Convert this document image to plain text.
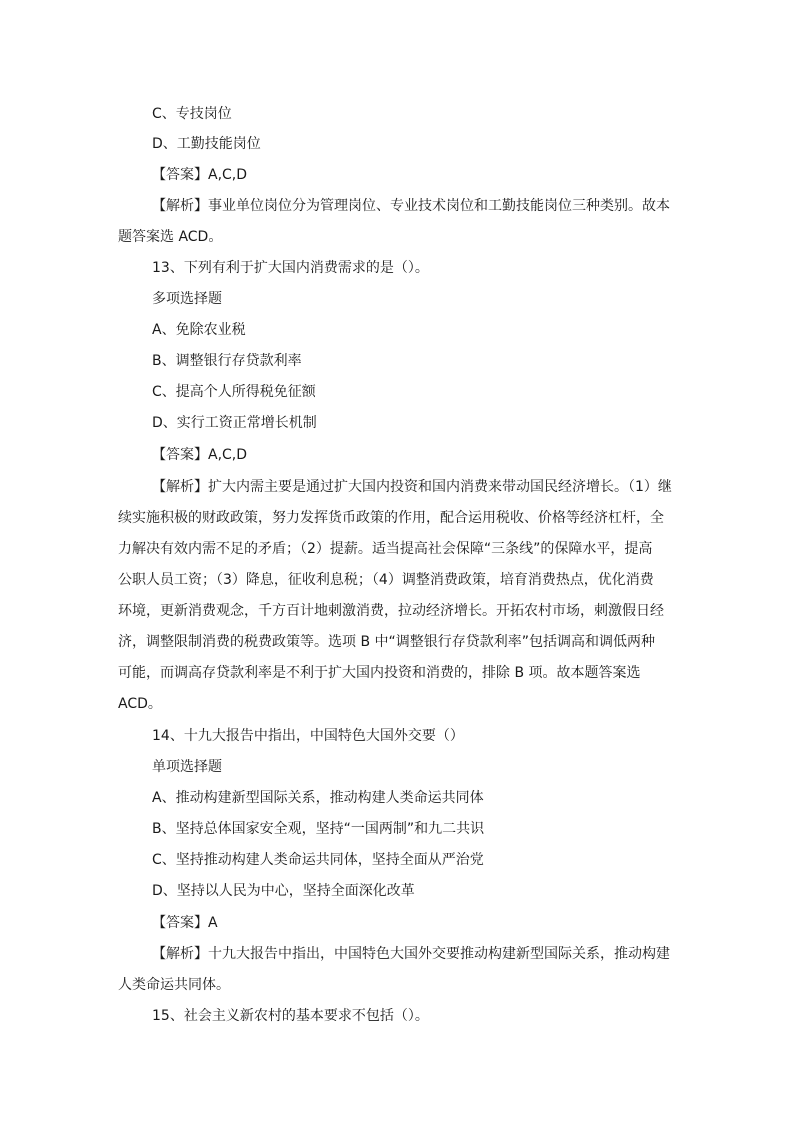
C、专技岗位
D、工勤技能岗位
【答案】A,C,D
【解析】事业单位岗位分为管理岗位、专业技术岗位和工勤技能岗位三种类别。故本
题答案选 ACD。
13、下列有利于扩大国内消费需求的是（）。
多项选择题
A、免除农业税
B、调整银行存贷款利率
C、提高个人所得税免征额
D、实行工资正常增长机制
【答案】A,C,D
【解析】扩大内需主要是通过扩大国内投资和国内消费来带动国民经济增长。（1）继
续实施积极的财政政策，努力发挥货币政策的作用，配合运用税收、价格等经济杠杆，全
力解决有效内需不足的矛盾；（2）提薪。适当提高社会保障“三条线”的保障水平，提高
公职人员工资；（3）降息，征收利息税；（4）调整消费政策，培育消费热点，优化消费
环境，更新消费观念，千方百计地刺激消费，拉动经济增长。开拓农村市场，刺激假日经
济，调整限制消费的税费政策等。选项 B 中“调整银行存贷款利率”包括调高和调低两种
可能，而调高存贷款利率是不利于扩大国内投资和消费的，排除 B 项。故本题答案选
ACD。
14、十九大报告中指出，中国特色大国外交要（）
单项选择题
A、推动构建新型国际关系，推动构建人类命运共同体
B、坚持总体国家安全观，坚持“一国两制”和九二共识
C、坚持推动构建人类命运共同体，坚持全面从严治党
D、坚持以人民为中心，坚持全面深化改革
【答案】A
【解析】十九大报告中指出，中国特色大国外交要推动构建新型国际关系，推动构建
人类命运共同体。
15、社会主义新农村的基本要求不包括（）。
